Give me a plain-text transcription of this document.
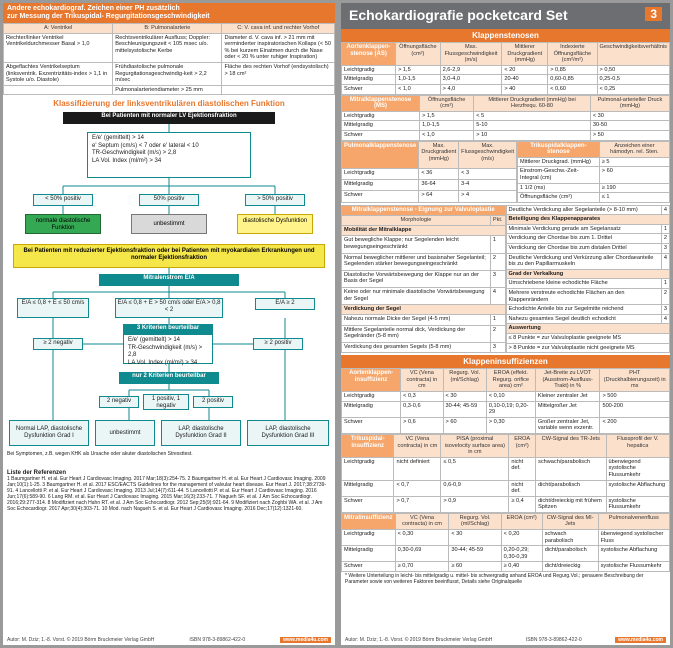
Andere echokardiograf. Zeichen einer PH zusätzlich
zur Messung der Trikuspidal- Regurgitationsgeschwindigkeit
A: Ventrikel	B: Pulmonalarterie	C: V. cava inf. und rechter Vorhof
Rechter/linker Ventrikel Ventrikeldurchmesser Basal > 1,0	Rechtsventrikulärer Ausfluss; Doppler: Beschleunigungszeit < 105 msec u/o. mittelsystolische Kerbe	Diameter d. V. cava inf. > 21 mm mit verminderter inspiratorischen Kollaps (< 50 % bei kurzem Einatmen durch die Nase oder < 20 % unter ruhiger Inspiration)
Abgeflachtes Ventrikelseptum (linksventrik. Exzentrizitäts-index > 1,1 in Systole u/o. Diastole)	Frühdiastolische pulmonale Regurgitationsgeschwindig-keit > 2,2 m/sec	Fläche des rechten Vorhof (endsystolisch) > 18 cm²
	Pulmonalarteriendiameter > 25 mm	
Klassifizierung der linksventrikulären diastolischen Funktion
Bei Patienten mit normaler LV Ejektionsfraktion
E/e' (gemittelt) > 14
e' Septum (cm/s) < 7 oder e' lateral < 10
TR-Geschwindigkeit (m/s) > 2,8
LA Vol. Index (ml/m²) > 34
< 50% positiv	50% positiv	> 50% positiv
normale diastolische Funktion
unbestimmt	diastolische Dysfunktion
Bei Patienten mit reduzierter Ejektionsfraktion oder bei Patienten mit myokardialen Erkrankungen und normaler Ejektionsfraktion
Mitralenstrom E/A
E/A ≤ 0,8 + E ≤ 50 cm/s	E/A ≤ 0,8 + E > 50 cm/s oder E/A > 0,8 < 2
E/A ≥ 2
3 Kriterien beurteilbar
E/e' (gemittelt) > 14
TR-Geschwindigkeit (m/s) > 2,8
LA Vol. Index (ml/m²) > 34
≥ 2 negativ	≥ 2 positiv
nur 2 Kriterien beurteilbar
2 negativ	1 positiv, 1 negativ
2 positiv
Normal LAP, diastolische Dysfunktion Grad I	unbestimmt
LAP, diastolische Dysfunktion Grad II
LAP, diastolische Dysfunktion Grad III
Bei Symptomen, z.B. wegen KHK als Ursache oder akuter diastolischen Stressttest.
Liste der Referenzen
1 Baumgartner H. et al. Eur Heart J Cardiovasc Imaging. 2017 Mar;18(3):254-75. 2 Baumgartner H. et al. Eur Heart J Cardiovasc Imaging. 2009 Jan;10(1):1-25. 3 Baumgartner H. et al. 2017 ESC/EACTS Guidelines for the management of valvular heart disease. Eur Heart J. 2017;38:2739-91. 4 Lancellotti P. et al. Eur Heart J Cardiovasc Imaging. 2013 Jul;14(7):611-44. 5 Lancellotti P. et al. Eur Heart J Cardiovasc Imaging. 2016 Jun;17(6):589-90. 6 Lang RM. et al. Eur Heart J Cardiovasc Imaging. 2015 Mar;16(3):233-71. 7 Nagueh SF. et al. J Am Soc Echocardiogr. 2016;29:277-314. 8 Modifiziert nach Hahn RT. et al. J Am Soc Echocardiogr. 2012 Sep;25(9):921-64. 9 Modifiziert nach Zoghbi WA. et al. J Am Soc Echocardiogr. 2017 Apr;30(4):303-71. 10 Mod. nach Nagueh S. et al. Eur Heart J Cardiovasc Imaging. 2016 Dec;17(12):1321-60.
Autor: M. Dziz; 1.-8. Vorst. © 2019 Börm Bruckmeier Verlag GmbH	ISBN 978-3-89862-422-0	www.media4u.com
Echokardiografie pocketcard Set	3
Klappenstenosen
Aortenklappen-stenose (AS)	Öffnungsfläche (cm²)	Max. Flussgeschwindigkeit (m/s)	Mittlerer Druckgradient (mmHg)	Indexierte Öffnungsfläche (cm²/m²)	Geschwindigkeitsverhältnis
Leichtgradig	> 1,5	2,6-2,9	< 20	> 0,85	> 0,50
Mittelgradig	1,0-1,5	3,0-4,0	20-40	0,60-0,85	0,25-0,5
Schwer	< 1,0	> 4,0	> 40	< 0,60	< 0,25
Mitralklappenstenose (MS)	Öffnungsfläche (cm²)	Mittlerer Druckgradient (mmHg) bei Herzfrequ. 60-80	Pulmonal-arterieller Druck (mmHg)
Leichtgradig	> 1,5	< 5	< 30
Mittelgradig	1,0-1,5	5-10	30-50
Schwer	< 1,0	> 10	> 50
Pulmonalklappenstenose	Max. Druckgradient (mmHg)	Max. Flussgeschwindigkeit (m/s)
Leichtgradig	< 36	< 3
Mittelgradig	36-64	3-4
Schwer	> 64	> 4
Trikuspidalklappen-stenose	Anzeichen einer hämodyn. rel. Sten.
Mittlerer Druckgrad. (mmHg)	≥ 5
Einstrom-Geschw.-Zeit-Integral (cm)	> 60
1 1/2 (ms)	≥ 190
Öffnungsfläche (cm²)	≤ 1
Mitralklappenstenose - Eignung zur Valvuloplastie	
Morphologie	Pkt.
Mobilität der Mitralklappe	
Gut bewegliche Klappe; nur Segelenden leicht bewegungseingeschränkt	1
Normal beweglicher mittlerer und basisnaher Segelanteil; Segelenden stärker bewegungseingeschränkt	2
Diastolische Vorwärtsbewegung der Klappe nur an der Basis der Segel	3
Keine oder nur minimale diastolische Vorwärtsbewegung der Segel	4
Verdickung der Segel	
Nahezu normale Dicke der Segel (4-5 mm)	1
Mittlere Segelanteile normal dick, Verdickung der Segelränder (5-8 mm)	2
Verdickung des gesamten Segels (5-8 mm)	3
Deutliche Verdickung aller Segelanteile (> 8-10 mm)	4
Beteiligung des Klappenapparates	
Minimale Verdickung gerade am Segelansatz	1
Verdickung der Chordae bis zum 1. Drittel	2
Verdickung der Chordae bis zum distalen Drittel	3
Deutliche Verdickung und Verkürzung aller Chordaeanteile bis zu den Papillarmuskeln	4
Grad der Verkalkung	
Umschriebene kleine echodichte Fläche	1
Mehrere verstreute echodichte Flächen an den Klappenrändern	2
Echodichte Anteile bis zur Segelmitte reichend	3
Nahezu gesamtes Segel deutlich echodicht	4
Auswertung	
≤ 8 Punkte = zur Valvuloplastie geeignete MS	
> 8 Punkte = zur Valvuloplastie nicht geeignete MS	
Klappeninsuffizienzen
Aortenklappen-insuffizienz	VC (Vena contracta) in cm	Regurg. Vol. (ml/Schlag)	EROA (effekt. Regurg. orifice area) cm²	Jet-Breite zu LVOT (Ausstrom-Ausfluss-Trakt) in %	PHT (Druckhalbierungszeit) in ms
Leichtgradig	< 0,3	< 30	< 0,10	Kleiner zentraler Jet	> 500
Mittelgradig	0,3-0,6	30-44; 45-59	0,10-0,19; 0,20-29	Mittelgroßer Jet	500-200
Schwer	> 0,6	> 60	> 0,30	Großer zentraler Jet, variable wenn exzentr.	< 200
Trikuspidal-insuffizienz	VC (Vena contracta) in cm	PISA (proximal isovelocity surface area) in cm	EROA (cm²)	CW-Signal des TR-Jets	Flussprofil der V. hepatica
Leichtgradig	nicht definiert	≤ 0,5	nicht def.	schwach/parabolisch	überwiegend systolische Flussumkehr
Mittelgradig	< 0,7	0,6-0,9	nicht def.	dicht/parabolisch	systolische Abflachung
Schwer	> 0,7	> 0,9	≥ 0,4	dicht/dreieckig mit frühem Spitzen	systolische Flussumkehr
Mitralinsuffizienz	VC (Vena contracta) in cm	Regurg. Vol. (ml/Schlag)	EROA (cm²)	CW-Signal des MI-Jets	Pulmonalvenenfluss
Leichtgradig	< 0,30	< 30	< 0,20	schwach parabolisch	überwiegend systolischer Fluss
Mittelgradig	0,30-0,69	30-44; 45-59	0,20-0,29; 0,30-0,39	dicht/parabolisch	systolische Abflachung
Schwer	≥ 0,70	≥ 60	≥ 0,40	dicht/dreieckig	systolische Flussumkehr
* Weitere Unterteilung in leicht- bis mittelgradig u. mittel- bis schwergradig anhand EROA und Regurg.Vol.; genauere Beschreibung der Parameter sowie von weiteren Faktoren beeinflusst, Details siehe Originalquelle
Autor: M. Dziz; 1.-8. Vorst. © 2019 Börm Bruckmeier Verlag GmbH	ISBN 978-3-89862-422-0	www.media4u.com
